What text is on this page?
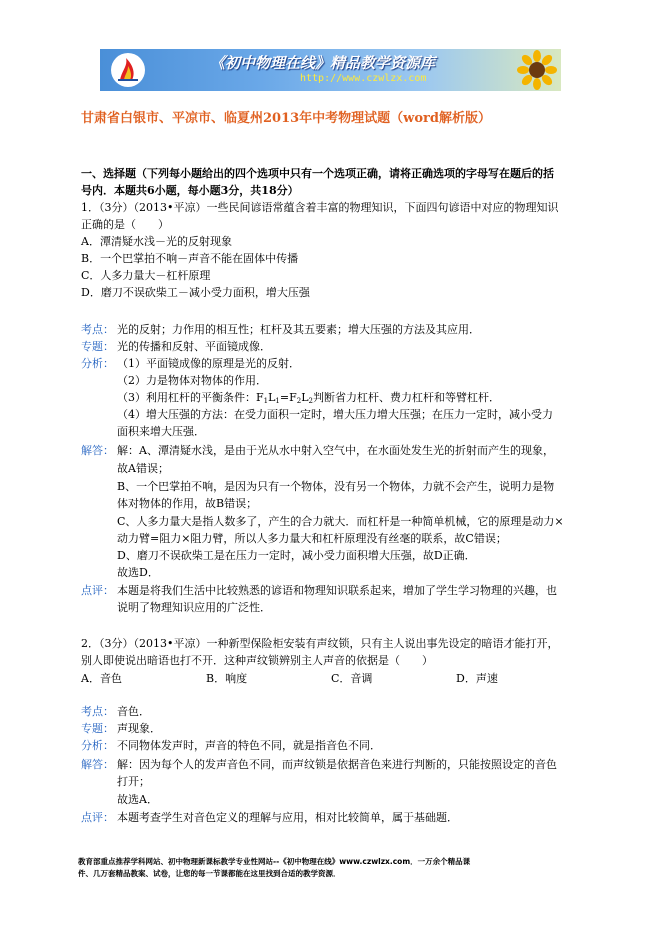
《初中物理在线》精品教学资源库
http://www.czwlzx.com
甘肃省白银市、平凉市、临夏州2013年中考物理试题（word解析版）
一、选择题（下列每小题给出的四个选项中只有一个选项正确，请将正确选项的字母写在题后的括
号内．本题共6小题，每小题3分，共18分）
1．（3分）（2013•平凉）一些民间谚语常蕴含着丰富的物理知识，下面四句谚语中对应的物理知识
正确的是（　　）
A．潭清疑水浅－光的反射现象
B．一个巴掌拍不响－声音不能在固体中传播
C．人多力量大－杠杆原理
D．磨刀不误砍柴工－减小受力面积，增大压强
考点： 光的反射；力作用的相互性；杠杆及其五要素；增大压强的方法及其应用．
专题： 光的传播和反射、平面镜成像．
分析： （1）平面镜成像的原理是光的反射．
（2）力是物体对物体的作用．
（3）利用杠杆的平衡条件：$F_1L_1=F_2L_2$判断省力杠杆、费力杠杆和等臂杠杆．
（4）增大压强的方法：在受力面积一定时，增大压力增大压强；在压力一定时，减小受力
面积来增大压强．
解答： 解：A、潭清疑水浅，是由于光从水中射入空气中，在水面处发生光的折射而产生的现象，
故A错误；
B、一个巴掌拍不响，是因为只有一个物体，没有另一个物体，力就不会产生，说明力是物
体对物体的作用，故B错误；
C、人多力量大是指人数多了，产生的合力就大．而杠杆是一种简单机械，它的原理是动力×
动力臂=阻力×阻力臂，所以人多力量大和杠杆原理没有丝毫的联系，故C错误；
D、磨刀不误砍柴工是在压力一定时，减小受力面积增大压强，故D正确．
故选D．
点评： 本题是将我们生活中比较熟悉的谚语和物理知识联系起来，增加了学生学习物理的兴趣，也
说明了物理知识应用的广泛性．
2．（3分）（2013•平凉）一种新型保险柜安装有声纹锁，只有主人说出事先设定的暗语才能打开，
别人即使说出暗语也打不开．这种声纹锁辨别主人声音的依据是（　　）
A．音色	B．响度	C．音调	D．声速
考点： 音色．
专题： 声现象．
分析： 不同物体发声时，声音的特色不同，就是指音色不同．
解答： 解：因为每个人的发声音色不同，而声纹锁是依据音色来进行判断的，只能按照设定的音色
打开；
故选A．
点评： 本题考查学生对音色定义的理解与应用，相对比较简单，属于基础题．
教育部重点推荐学科网站、初中物理新课标教学专业性网站--《初中物理在线》www.czwlzx.com．一万余个精品课
件、几万套精品教案、试卷，让您的每一节课都能在这里找到合适的教学资源．
